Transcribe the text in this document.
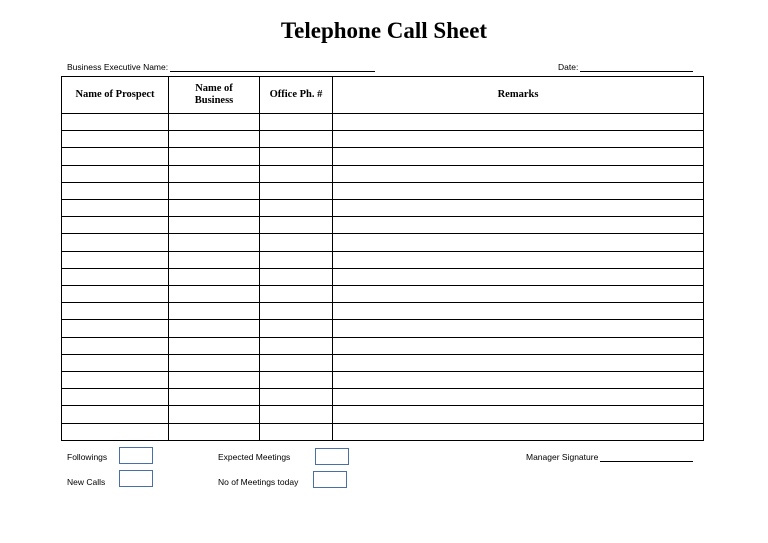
Telephone Call Sheet
Business Executive Name:	Date:
Name of Prospect	Name of Business	Office Ph. #	Remarks

Followings
New Calls
Expected Meetings
No of Meetings today
Manager Signature
